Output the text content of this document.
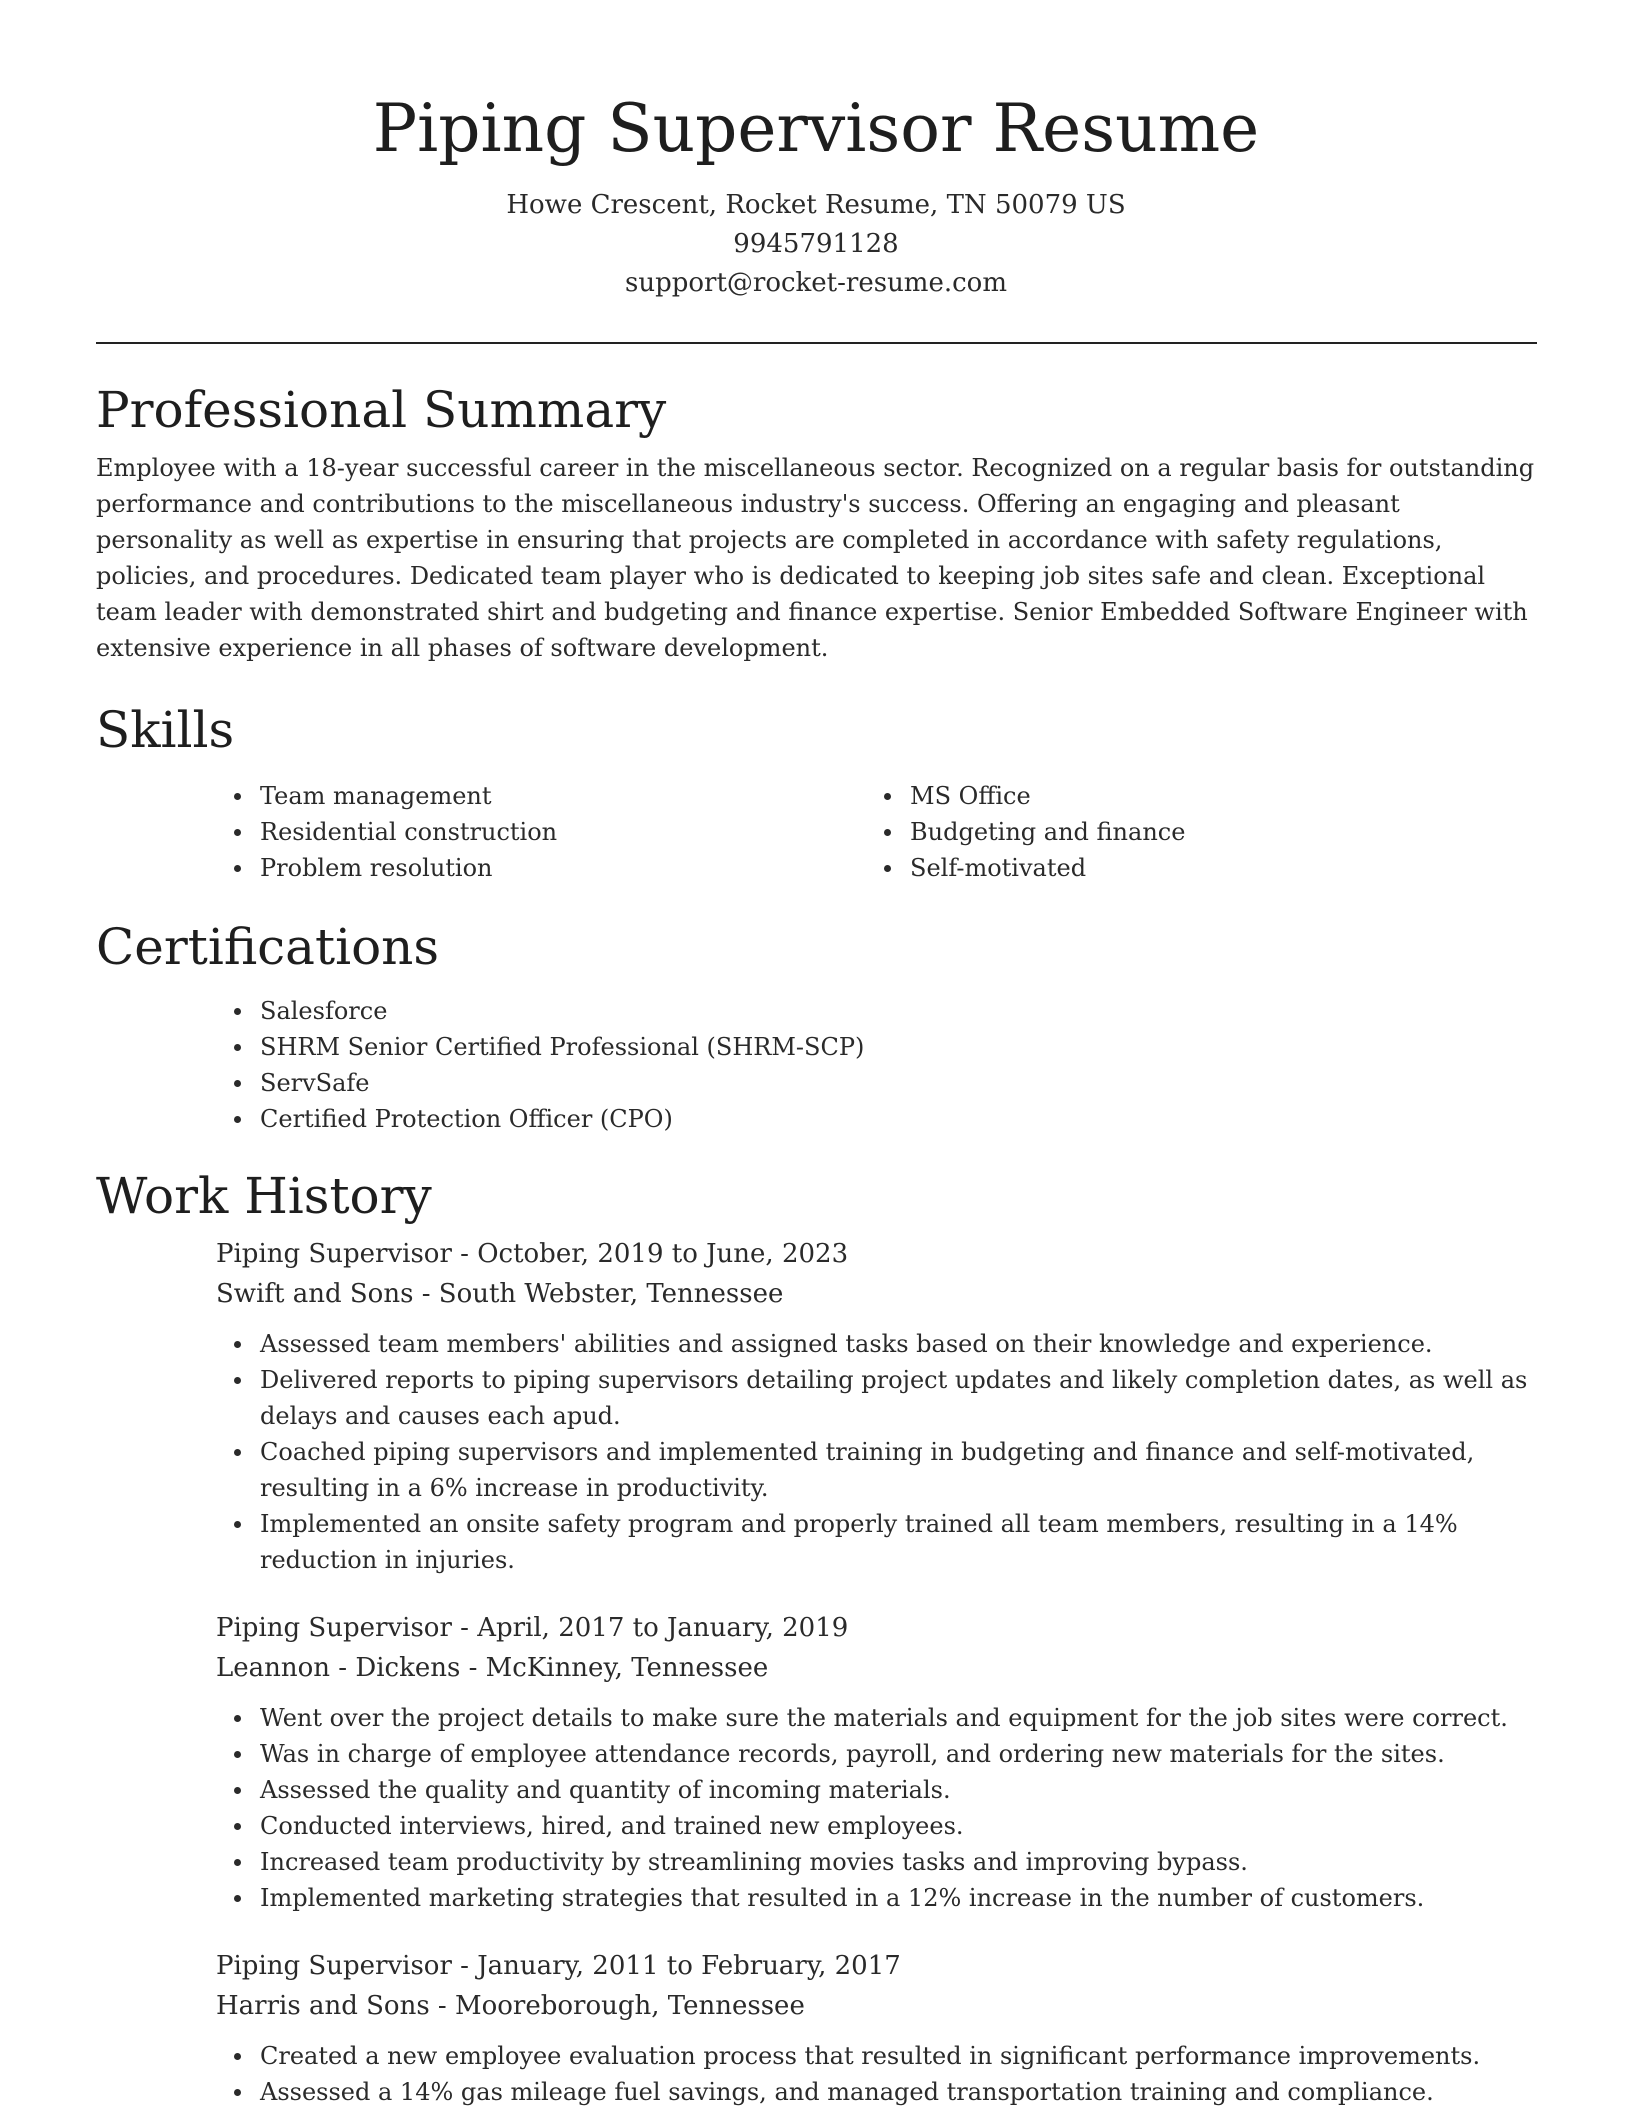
Piping Supervisor Resume

Howe Crescent, Rocket Resume, TN 50079 US

9945791128

support@rocket-resume.com

Professional Summary

Employee with a 18-year successful career in the miscellaneous sector. Recognized on a regular basis for outstanding performance and contributions to the miscellaneous industry's success. Offering an engaging and pleasant personality as well as expertise in ensuring that projects are completed in accordance with safety regulations, policies, and procedures. Dedicated team player who is dedicated to keeping job sites safe and clean. Exceptional team leader with demonstrated shirt and budgeting and finance expertise. Senior Embedded Software Engineer with extensive experience in all phases of software development.

Skills
Team management
Residential construction
Problem resolution
MS Office
Budgeting and finance
Self-motivated
Certifications
Salesforce
SHRM Senior Certified Professional (SHRM-SCP)
ServSafe
Certified Protection Officer (CPO)
Work History

Piping Supervisor - October, 2019 to June, 2023

Swift and Sons - South Webster, Tennessee

Assessed team members' abilities and assigned tasks based on their knowledge and experience.
Delivered reports to piping supervisors detailing project updates and likely completion dates, as well as delays and causes each apud.
Coached piping supervisors and implemented training in budgeting and finance and self-motivated, resulting in a 6% increase in productivity.
Implemented an onsite safety program and properly trained all team members, resulting in a 14% reduction in injuries.

Piping Supervisor - April, 2017 to January, 2019

Leannon - Dickens - McKinney, Tennessee

Went over the project details to make sure the materials and equipment for the job sites were correct.
Was in charge of employee attendance records, payroll, and ordering new materials for the sites.
Assessed the quality and quantity of incoming materials.
Conducted interviews, hired, and trained new employees.
Increased team productivity by streamlining movies tasks and improving bypass.
Implemented marketing strategies that resulted in a 12% increase in the number of customers.

Piping Supervisor - January, 2011 to February, 2017

Harris and Sons - Mooreborough, Tennessee

Created a new employee evaluation process that resulted in significant performance improvements.
Assessed a 14% gas mileage fuel savings, and managed transportation training and compliance.
